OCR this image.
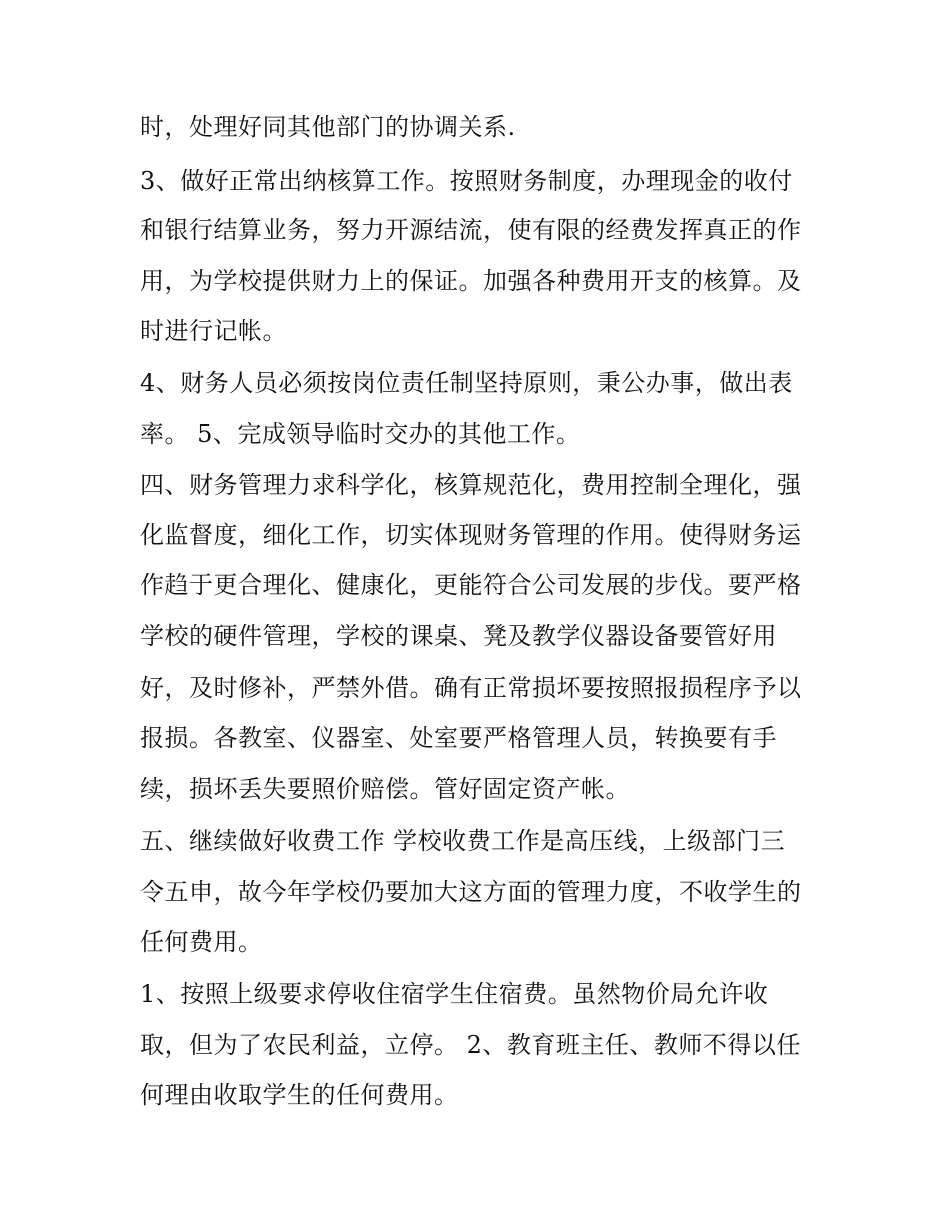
时，处理好同其他部门的协调关系.
3、做好正常出纳核算工作。按照财务制度，办理现金的收付
和银行结算业务，努力开源结流，使有限的经费发挥真正的作
用，为学校提供财力上的保证。加强各种费用开支的核算。及
时进行记帐。
4、财务人员必须按岗位责任制坚持原则，秉公办事，做出表
率。 5、完成领导临时交办的其他工作。
四、财务管理力求科学化，核算规范化，费用控制全理化，强
化监督度，细化工作，切实体现财务管理的作用。使得财务运
作趋于更合理化、健康化，更能符合公司发展的步伐。要严格
学校的硬件管理，学校的课桌、凳及教学仪器设备要管好用
好，及时修补，严禁外借。确有正常损坏要按照报损程序予以
报损。各教室、仪器室、处室要严格管理人员，转换要有手
续，损坏丢失要照价赔偿。管好固定资产帐。
五、继续做好收费工作 学校收费工作是高压线，上级部门三
令五申，故今年学校仍要加大这方面的管理力度，不收学生的
任何费用。
1、按照上级要求停收住宿学生住宿费。虽然物价局允许收
取，但为了农民利益，立停。 2、教育班主任、教师不得以任
何理由收取学生的任何费用。
